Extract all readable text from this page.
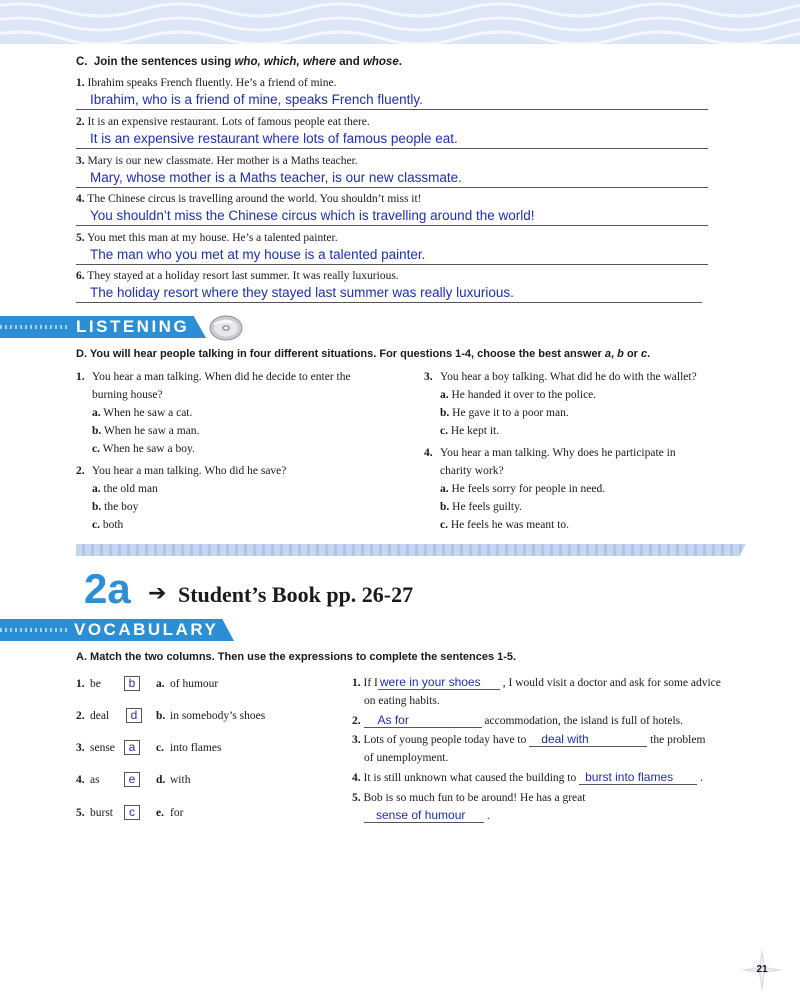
C. Join the sentences using who, which, where and whose.
1. Ibrahim speaks French fluently. He’s a friend of mine.
Ibrahim, who is a friend of mine, speaks French fluently.
2. It is an expensive restaurant. Lots of famous people eat there.
It is an expensive restaurant where lots of famous people eat.
3. Mary is our new classmate. Her mother is a Maths teacher.
Mary, whose mother is a Maths teacher, is our new classmate.
4. The Chinese circus is travelling around the world. You shouldn’t miss it!
You shouldn’t miss the Chinese circus which is travelling around the world!
5. You met this man at my house. He’s a talented painter.
The man who you met at my house is a talented painter.
6. They stayed at a holiday resort last summer. It was really luxurious.
The holiday resort where they stayed last summer was really luxurious.
LISTENING
D. You will hear people talking in four different situations. For questions 1-4, choose the best answer a, b or c.
1. You hear a man talking. When did he decide to enter the
burning house?
a. When he saw a cat.
b. When he saw a man.
c. When he saw a boy.
2. You hear a man talking. Who did he save?
a. the old man
b. the boy
c. both
3. You hear a boy talking. What did he do with the wallet?
a. He handed it over to the police.
b. He gave it to a poor man.
c. He kept it.
4. You hear a man talking. Why does he participate in
charity work?
a. He feels sorry for people in need.
b. He feels guilty.
c. He feels he was meant to.
2a ➔ Student’s Book pp. 26-27
VOCABULARY
A. Match the two columns. Then use the expressions to complete the sentences 1-5.
1. be	b	a. of humour
2. deal	d	b. in somebody’s shoes
3. sense	a	c. into flames
4. as	e	d. with
5. burst	c	e. for
1. If I were in your shoes , I would visit a doctor and ask for some advice
on eating habits.
2. As for	accommodation, the island is full of hotels.
3. Lots of young people today have to deal with	the problem
of unemployment.
4. It is still unknown what caused the building to burst into flames .
5. Bob is so much fun to be around! He has a great
sense of humour .
21
